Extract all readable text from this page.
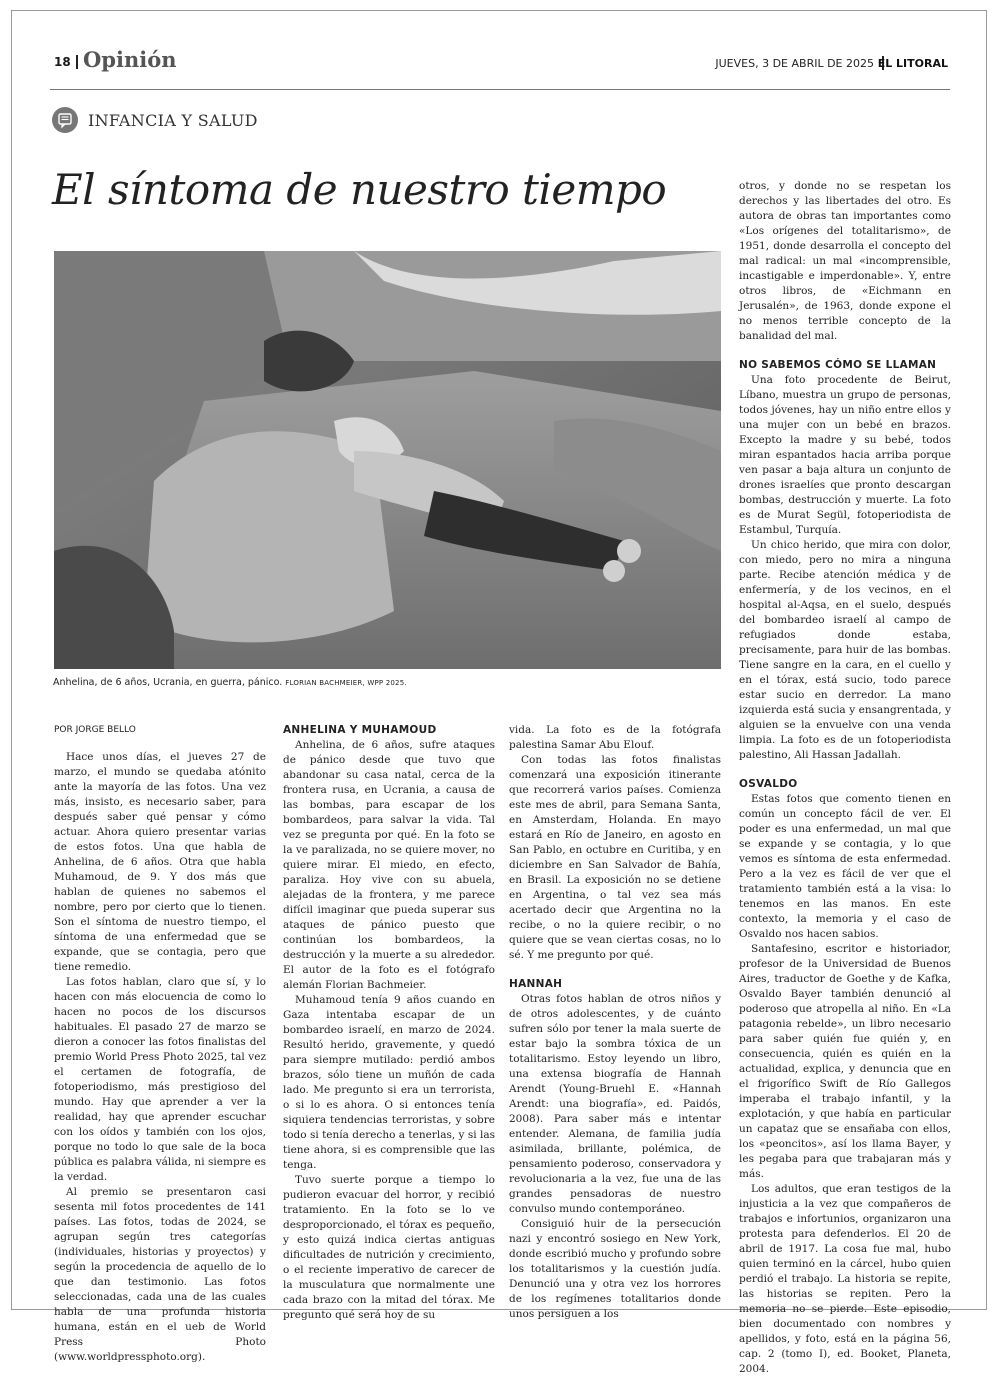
18 Opinión	JUEVES, 3 DE ABRIL DE 2025 EL LITORAL
INFANCIA Y SALUD
El síntoma de nuestro tiempo
Anhelina, de 6 años, Ucrania, en guerra, pánico. FLORIAN BACHMEIER, WPP 2025.

POR JORGE BELLO

Hace unos días, el jueves 27 de marzo, el mundo se quedaba atónito ante la mayoría de las fotos. Una vez más, insisto, es necesario saber, para después saber qué pensar y cómo actuar. Ahora quiero presentar varias de estos fotos. Una que habla de Anhelina, de 6 años. Otra que habla Muhamoud, de 9. Y dos más que hablan de quienes no sabemos el nombre, pero por cierto que lo tienen. Son el síntoma de nuestro tiempo, el síntoma de una enfermedad que se expande, que se contagia, pero que tiene remedio.

Las fotos hablan, claro que sí, y lo hacen con más elocuencia de como lo hacen no pocos de los discursos habituales. El pasado 27 de marzo se dieron a conocer las fotos finalistas del premio World Press Photo 2025, tal vez el certamen de fotografía, de fotoperiodismo, más prestigioso del mundo. Hay que aprender a ver la realidad, hay que aprender escuchar con los oídos y también con los ojos, porque no todo lo que sale de la boca pública es palabra válida, ni siempre es la verdad.

Al premio se presentaron casi sesenta mil fotos procedentes de 141 países. Las fotos, todas de 2024, se agrupan según tres categorías (individuales, historias y proyectos) y según la procedencia de aquello de lo que dan testimonio. Las fotos seleccionadas, cada una de las cuales habla de una profunda historia humana, están en el ueb de World Press Photo (www.worldpressphoto.org).

ANHELINA Y MUHAMOUD

Anhelina, de 6 años, sufre ataques de pánico desde que tuvo que abandonar su casa natal, cerca de la frontera rusa, en Ucrania, a causa de las bombas, para escapar de los bombardeos, para salvar la vida. Tal vez se pregunta por qué. En la foto se la ve paralizada, no se quiere mover, no quiere mirar. El miedo, en efecto, paraliza. Hoy vive con su abuela, alejadas de la frontera, y me parece difícil imaginar que pueda superar sus ataques de pánico puesto que continúan los bombardeos, la destrucción y la muerte a su alrededor. El autor de la foto es el fotógrafo alemán Florian Bachmeier.

Muhamoud tenía 9 años cuando en Gaza intentaba escapar de un bombardeo israelí, en marzo de 2024. Resultó herido, gravemente, y quedó para siempre mutilado: perdió ambos brazos, sólo tiene un muñón de cada lado. Me pregunto si era un terrorista, o si lo es ahora. O si entonces tenía siquiera tendencias terroristas, y sobre todo si tenía derecho a tenerlas, y si las tiene ahora, si es comprensible que las tenga.

Tuvo suerte porque a tiempo lo pudieron evacuar del horror, y recibió tratamiento. En la foto se lo ve desproporcionado, el tórax es pequeño, y esto quizá indica ciertas antiguas dificultades de nutrición y crecimiento, o el reciente imperativo de carecer de la musculatura que normalmente une cada brazo con la mitad del tórax. Me pregunto qué será hoy de su

vida. La foto es de la fotógrafa palestina Samar Abu Elouf.

Con todas las fotos finalistas comenzará una exposición itinerante que recorrerá varios países. Comienza este mes de abril, para Semana Santa, en Amsterdam, Holanda. En mayo estará en Río de Janeiro, en agosto en San Pablo, en octubre en Curitiba, y en diciembre en San Salvador de Bahía, en Brasil. La exposición no se detiene en Argentina, o tal vez sea más acertado decir que Argentina no la recibe, o no la quiere recibir, o no quiere que se vean ciertas cosas, no lo sé. Y me pregunto por qué.

HANNAH

Otras fotos hablan de otros niños y de otros adolescentes, y de cuánto sufren sólo por tener la mala suerte de estar bajo la sombra tóxica de un totalitarismo. Estoy leyendo un libro, una extensa biografía de Hannah Arendt (Young-Bruehl E. «Hannah Arendt: una biografía», ed. Paidós, 2008). Para saber más e intentar entender. Alemana, de familia judía asimilada, brillante, polémica, de pensamiento poderoso, conservadora y revolucionaria a la vez, fue una de las grandes pensadoras de nuestro convulso mundo contemporáneo.

Consiguió huir de la persecución nazi y encontró sosiego en New York, donde escribió mucho y profundo sobre los totalitarismos y la cuestión judía. Denunció una y otra vez los horrores de los regímenes totalitarios donde unos persiguen a los

otros, y donde no se respetan los derechos y las libertades del otro. Es autora de obras tan importantes como «Los orígenes del totalitarismo», de 1951, donde desarrolla el concepto del mal radical: un mal «incomprensible, incastigable e imperdonable». Y, entre otros libros, de «Eichmann en Jerusalén», de 1963, donde expone el no menos terrible concepto de la banalidad del mal.

NO SABEMOS CÓMO SE LLAMAN

Una foto procedente de Beirut, Líbano, muestra un grupo de personas, todos jóvenes, hay un niño entre ellos y una mujer con un bebé en brazos. Excepto la madre y su bebé, todos miran espantados hacia arriba porque ven pasar a baja altura un conjunto de drones israelíes que pronto descargan bombas, destrucción y muerte. La foto es de Murat Segül, fotoperiodista de Estambul, Turquía.

Un chico herido, que mira con dolor, con miedo, pero no mira a ninguna parte. Recibe atención médica y de enfermería, y de los vecinos, en el hospital al-Aqsa, en el suelo, después del bombardeo israelí al campo de refugiados donde estaba, precisamente, para huir de las bombas. Tiene sangre en la cara, en el cuello y en el tórax, está sucio, todo parece estar sucio en derredor. La mano izquierda está sucia y ensangrentada, y alguien se la envuelve con una venda limpia. La foto es de un fotoperiodista palestino, Ali Hassan Jadallah.

OSVALDO

Estas fotos que comento tienen en común un concepto fácil de ver. El poder es una enfermedad, un mal que se expande y se contagia, y lo que vemos es síntoma de esta enfermedad. Pero a la vez es fácil de ver que el tratamiento también está a la visa: lo tenemos en las manos. En este contexto, la memoria y el caso de Osvaldo nos hacen sabios.

Santafesino, escritor e historiador, profesor de la Universidad de Buenos Aires, traductor de Goethe y de Kafka, Osvaldo Bayer también denunció al poderoso que atropella al niño. En «La patagonia rebelde», un libro necesario para saber quién fue quién y, en consecuencia, quién es quién en la actualidad, explica, y denuncia que en el frigorífico Swift de Río Gallegos imperaba el trabajo infantil, y la explotación, y que había en particular un capataz que se ensañaba con ellos, los «peoncitos», así los llama Bayer, y les pegaba para que trabajaran más y más.

Los adultos, que eran testigos de la injusticia a la vez que compañeros de trabajos e infortunios, organizaron una protesta para defenderlos. El 20 de abril de 1917. La cosa fue mal, hubo quien terminó en la cárcel, hubo quien perdió el trabajo. La historia se repite, las historias se repiten. Pero la memoria no se pierde. Este episodio, bien documentado con nombres y apellidos, y foto, está en la página 56, cap. 2 (tomo I), ed. Booket, Planeta, 2004.
